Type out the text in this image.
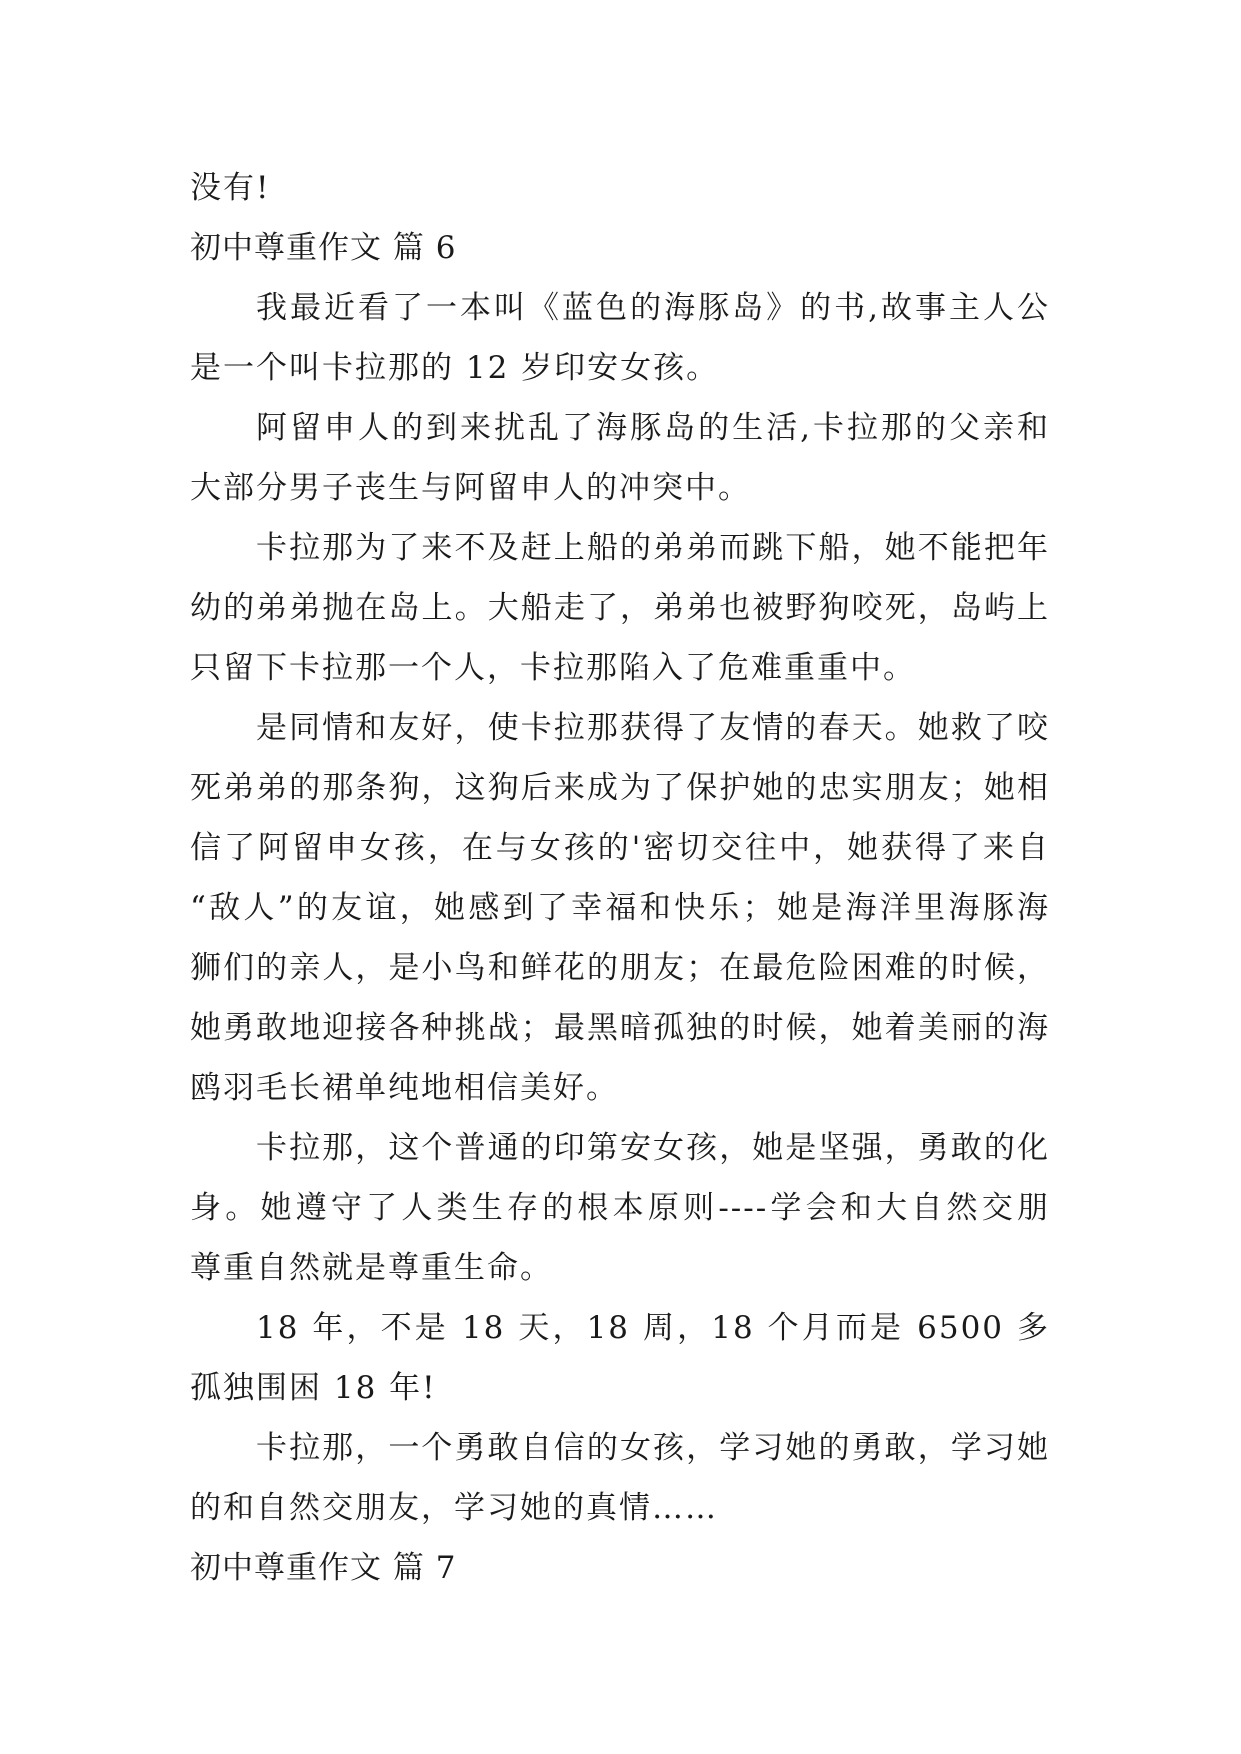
没有!
初中尊重作文 篇 6
我最近看了一本叫《蓝色的海豚岛》的书,故事主人公
是一个叫卡拉那的 12 岁印安女孩。
阿留申人的到来扰乱了海豚岛的生活,卡拉那的父亲和
大部分男子丧生与阿留申人的冲突中。
卡拉那为了来不及赶上船的弟弟而跳下船，她不能把年
幼的弟弟抛在岛上。大船走了，弟弟也被野狗咬死，岛屿上
只留下卡拉那一个人，卡拉那陷入了危难重重中。
是同情和友好，使卡拉那获得了友情的春天。她救了咬
死弟弟的那条狗，这狗后来成为了保护她的忠实朋友；她相
信了阿留申女孩，在与女孩的'密切交往中，她获得了来自
“敌人”的友谊，她感到了幸福和快乐；她是海洋里海豚海
狮们的亲人，是小鸟和鲜花的朋友；在最危险困难的时候，
她勇敢地迎接各种挑战；最黑暗孤独的时候，她着美丽的海
鸥羽毛长裙单纯地相信美好。
卡拉那，这个普通的印第安女孩，她是坚强，勇敢的化
身。她遵守了人类生存的根本原则----学会和大自然交朋
尊重自然就是尊重生命。
18 年，不是 18 天，18 周，18 个月而是 6500 多
孤独围困 18 年!
卡拉那，一个勇敢自信的女孩，学习她的勇敢，学习她
的和自然交朋友，学习她的真情……
初中尊重作文 篇 7
